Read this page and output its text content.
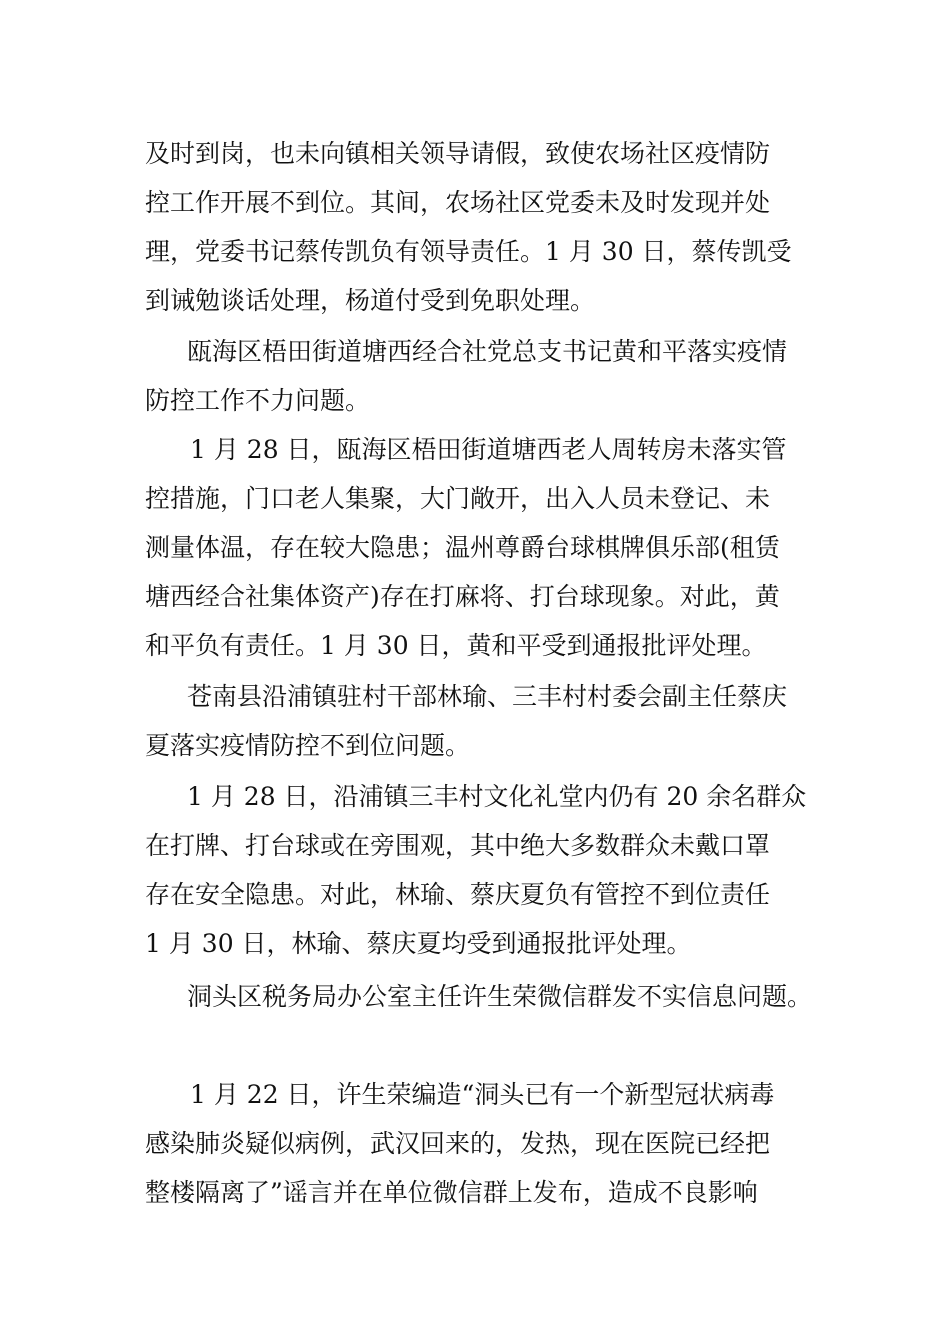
及时到岗，也未向镇相关领导请假，致使农场社区疫情防
控工作开展不到位。其间，农场社区党委未及时发现并处
理，党委书记蔡传凯负有领导责任。1 月 30 日，蔡传凯受
到诫勉谈话处理，杨道付受到免职处理。
瓯海区梧田街道塘西经合社党总支书记黄和平落实疫情
防控工作不力问题。
1 月 28 日，瓯海区梧田街道塘西老人周转房未落实管
控措施，门口老人集聚，大门敞开，出入人员未登记、未
测量体温，存在较大隐患；温州尊爵台球棋牌俱乐部(租赁
塘西经合社集体资产)存在打麻将、打台球现象。对此，黄
和平负有责任。1 月 30 日，黄和平受到通报批评处理。
苍南县沿浦镇驻村干部林瑜、三丰村村委会副主任蔡庆
夏落实疫情防控不到位问题。
1 月 28 日，沿浦镇三丰村文化礼堂内仍有 20 余名群众
在打牌、打台球或在旁围观，其中绝大多数群众未戴口罩
存在安全隐患。对此，林瑜、蔡庆夏负有管控不到位责任
1 月 30 日，林瑜、蔡庆夏均受到通报批评处理。
洞头区税务局办公室主任许生荣微信群发不实信息问题。
1 月 22 日，许生荣编造“洞头已有一个新型冠状病毒
感染肺炎疑似病例，武汉回来的，发热，现在医院已经把
整楼隔离了”谣言并在单位微信群上发布，造成不良影响
